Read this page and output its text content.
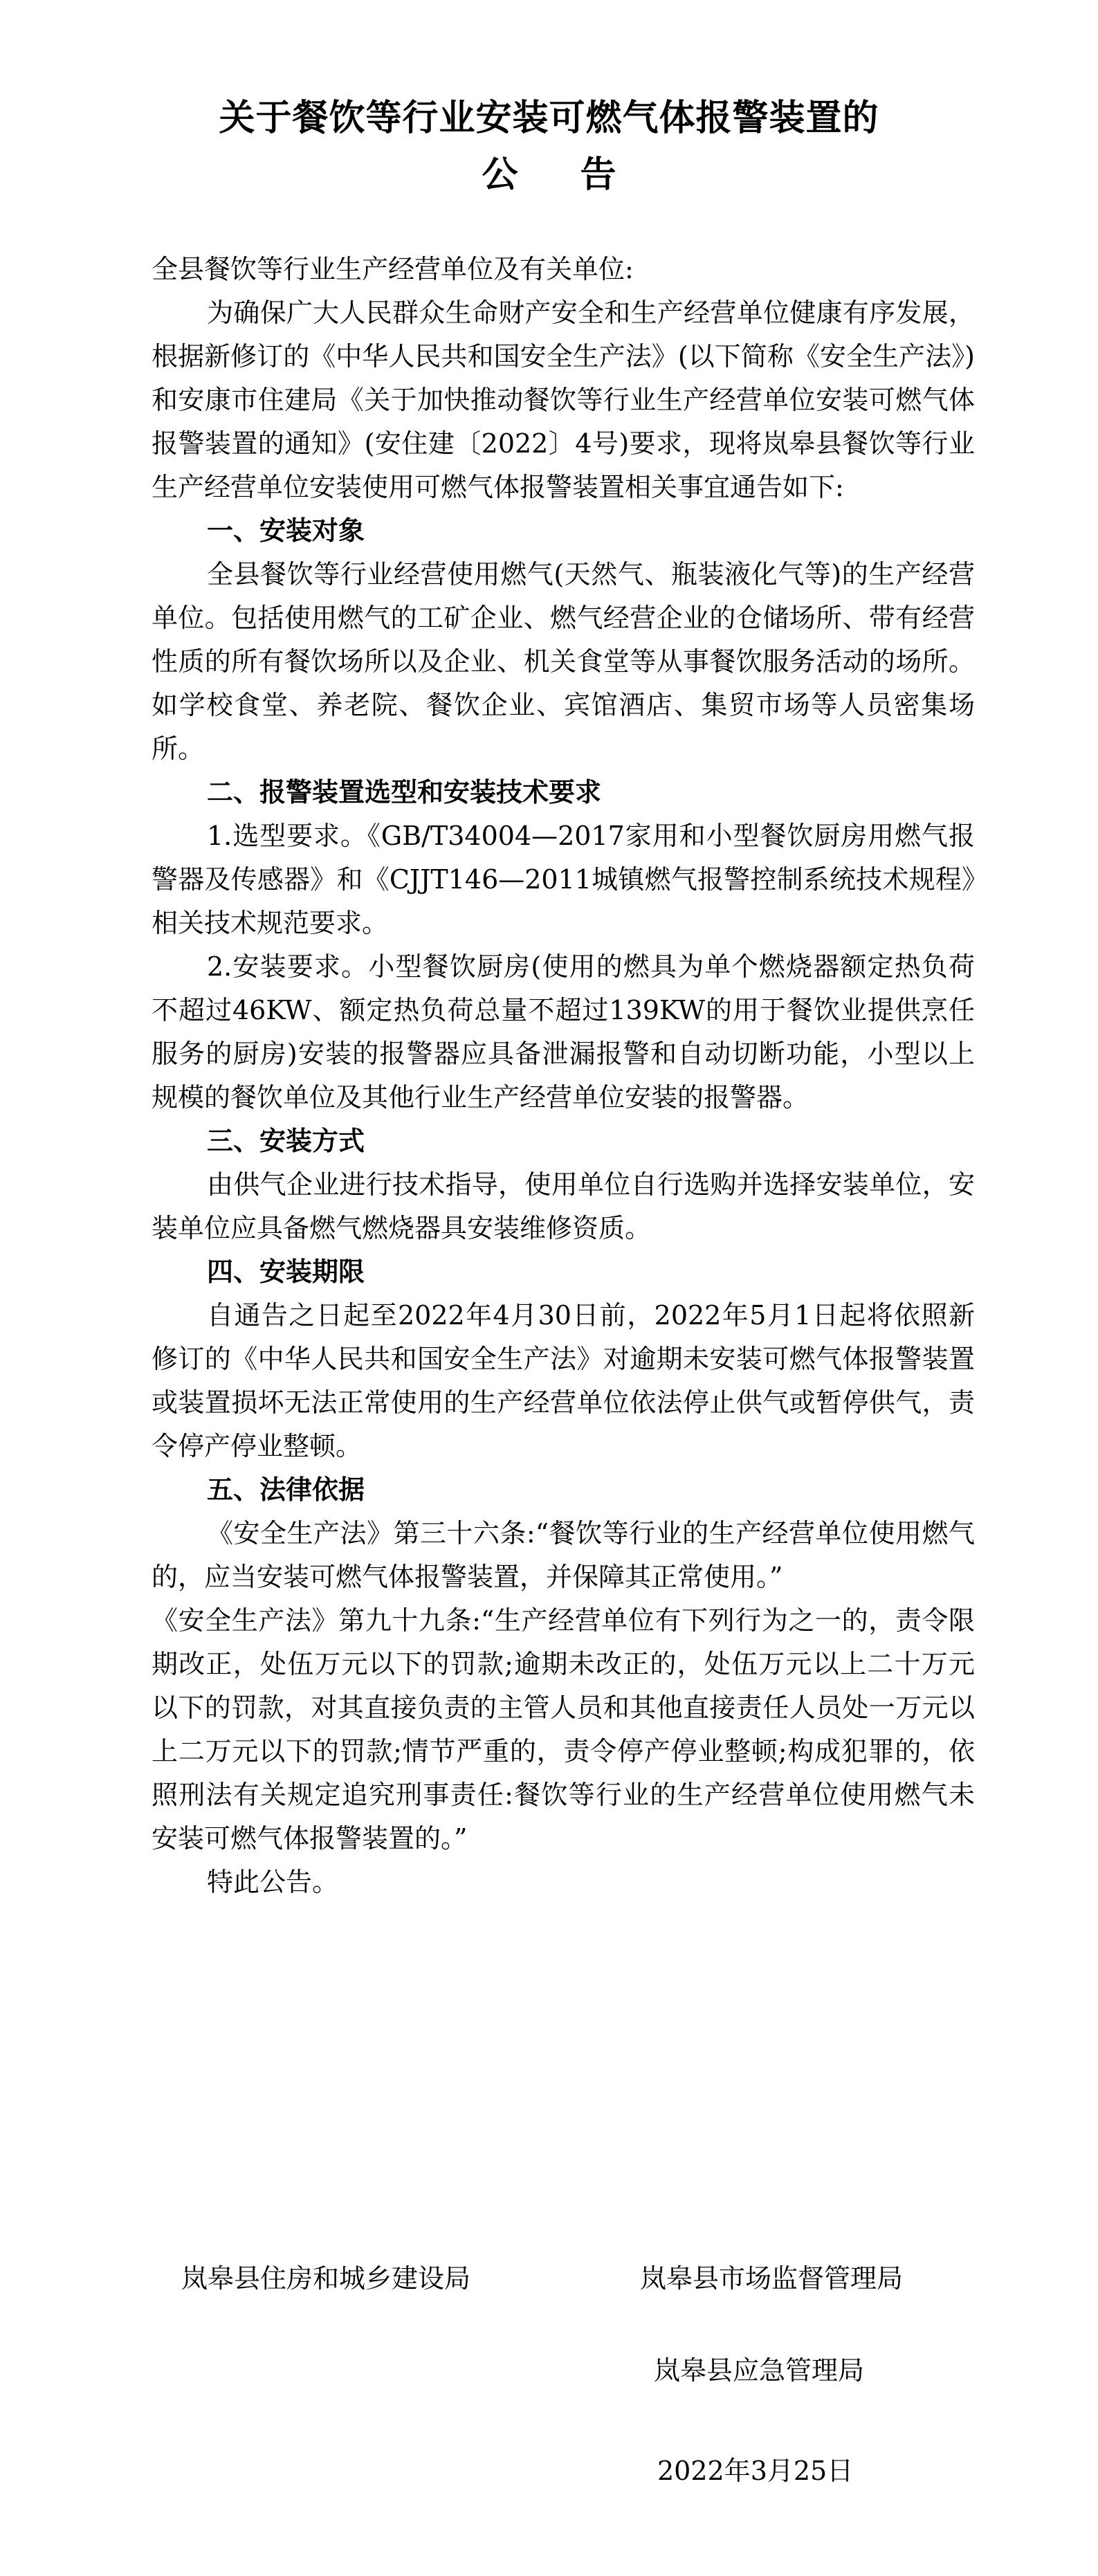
关于餐饮等行业安装可燃气体报警装置的
公 告

全县餐饮等行业生产经营单位及有关单位:

为确保广大人民群众生命财产安全和生产经营单位健康有序发展，根据新修订的《中华人民共和国安全生产法》(以下简称《安全生产法》)和安康市住建局《关于加快推动餐饮等行业生产经营单位安装可燃气体报警装置的通知》(安住建〔2022〕4号)要求，现将岚皋县餐饮等行业生产经营单位安装使用可燃气体报警装置相关事宜通告如下:

一、安装对象

全县餐饮等行业经营使用燃气(天然气、瓶装液化气等)的生产经营单位。包括使用燃气的工矿企业、燃气经营企业的仓储场所、带有经营性质的所有餐饮场所以及企业、机关食堂等从事餐饮服务活动的场所。如学校食堂、养老院、餐饮企业、宾馆酒店、集贸市场等人员密集场所。

二、报警装置选型和安装技术要求

1.选型要求。《GB/T34004—2017家用和小型餐饮厨房用燃气报警器及传感器》和《CJJT146—2011城镇燃气报警控制系统技术规程》相关技术规范要求。

2.安装要求。小型餐饮厨房(使用的燃具为单个燃烧器额定热负荷不超过46KW、额定热负荷总量不超过139KW的用于餐饮业提供烹任服务的厨房)安装的报警器应具备泄漏报警和自动切断功能，小型以上规模的餐饮单位及其他行业生产经营单位安装的报警器。

三、安装方式

由供气企业进行技术指导，使用单位自行选购并选择安装单位，安装单位应具备燃气燃烧器具安装维修资质。

四、安装期限

自通告之日起至2022年4月30日前，2022年5月1日起将依照新修订的《中华人民共和国安全生产法》对逾期未安装可燃气体报警装置或装置损坏无法正常使用的生产经营单位依法停止供气或暂停供气，责令停产停业整顿。

五、法律依据

《安全生产法》第三十六条:“餐饮等行业的生产经营单位使用燃气的，应当安装可燃气体报警装置，并保障其正常使用。”

《安全生产法》第九十九条:“生产经营单位有下列行为之一的，责令限期改正，处伍万元以下的罚款;逾期未改正的，处伍万元以上二十万元以下的罚款，对其直接负责的主管人员和其他直接责任人员处一万元以上二万元以下的罚款;情节严重的，责令停产停业整顿;构成犯罪的，依照刑法有关规定追究刑事责任:餐饮等行业的生产经营单位使用燃气未安装可燃气体报警装置的。”

特此公告。

岚皋县住房和城乡建设局	岚皋县市场监督管理局
岚皋县应急管理局
2022年3月25日
